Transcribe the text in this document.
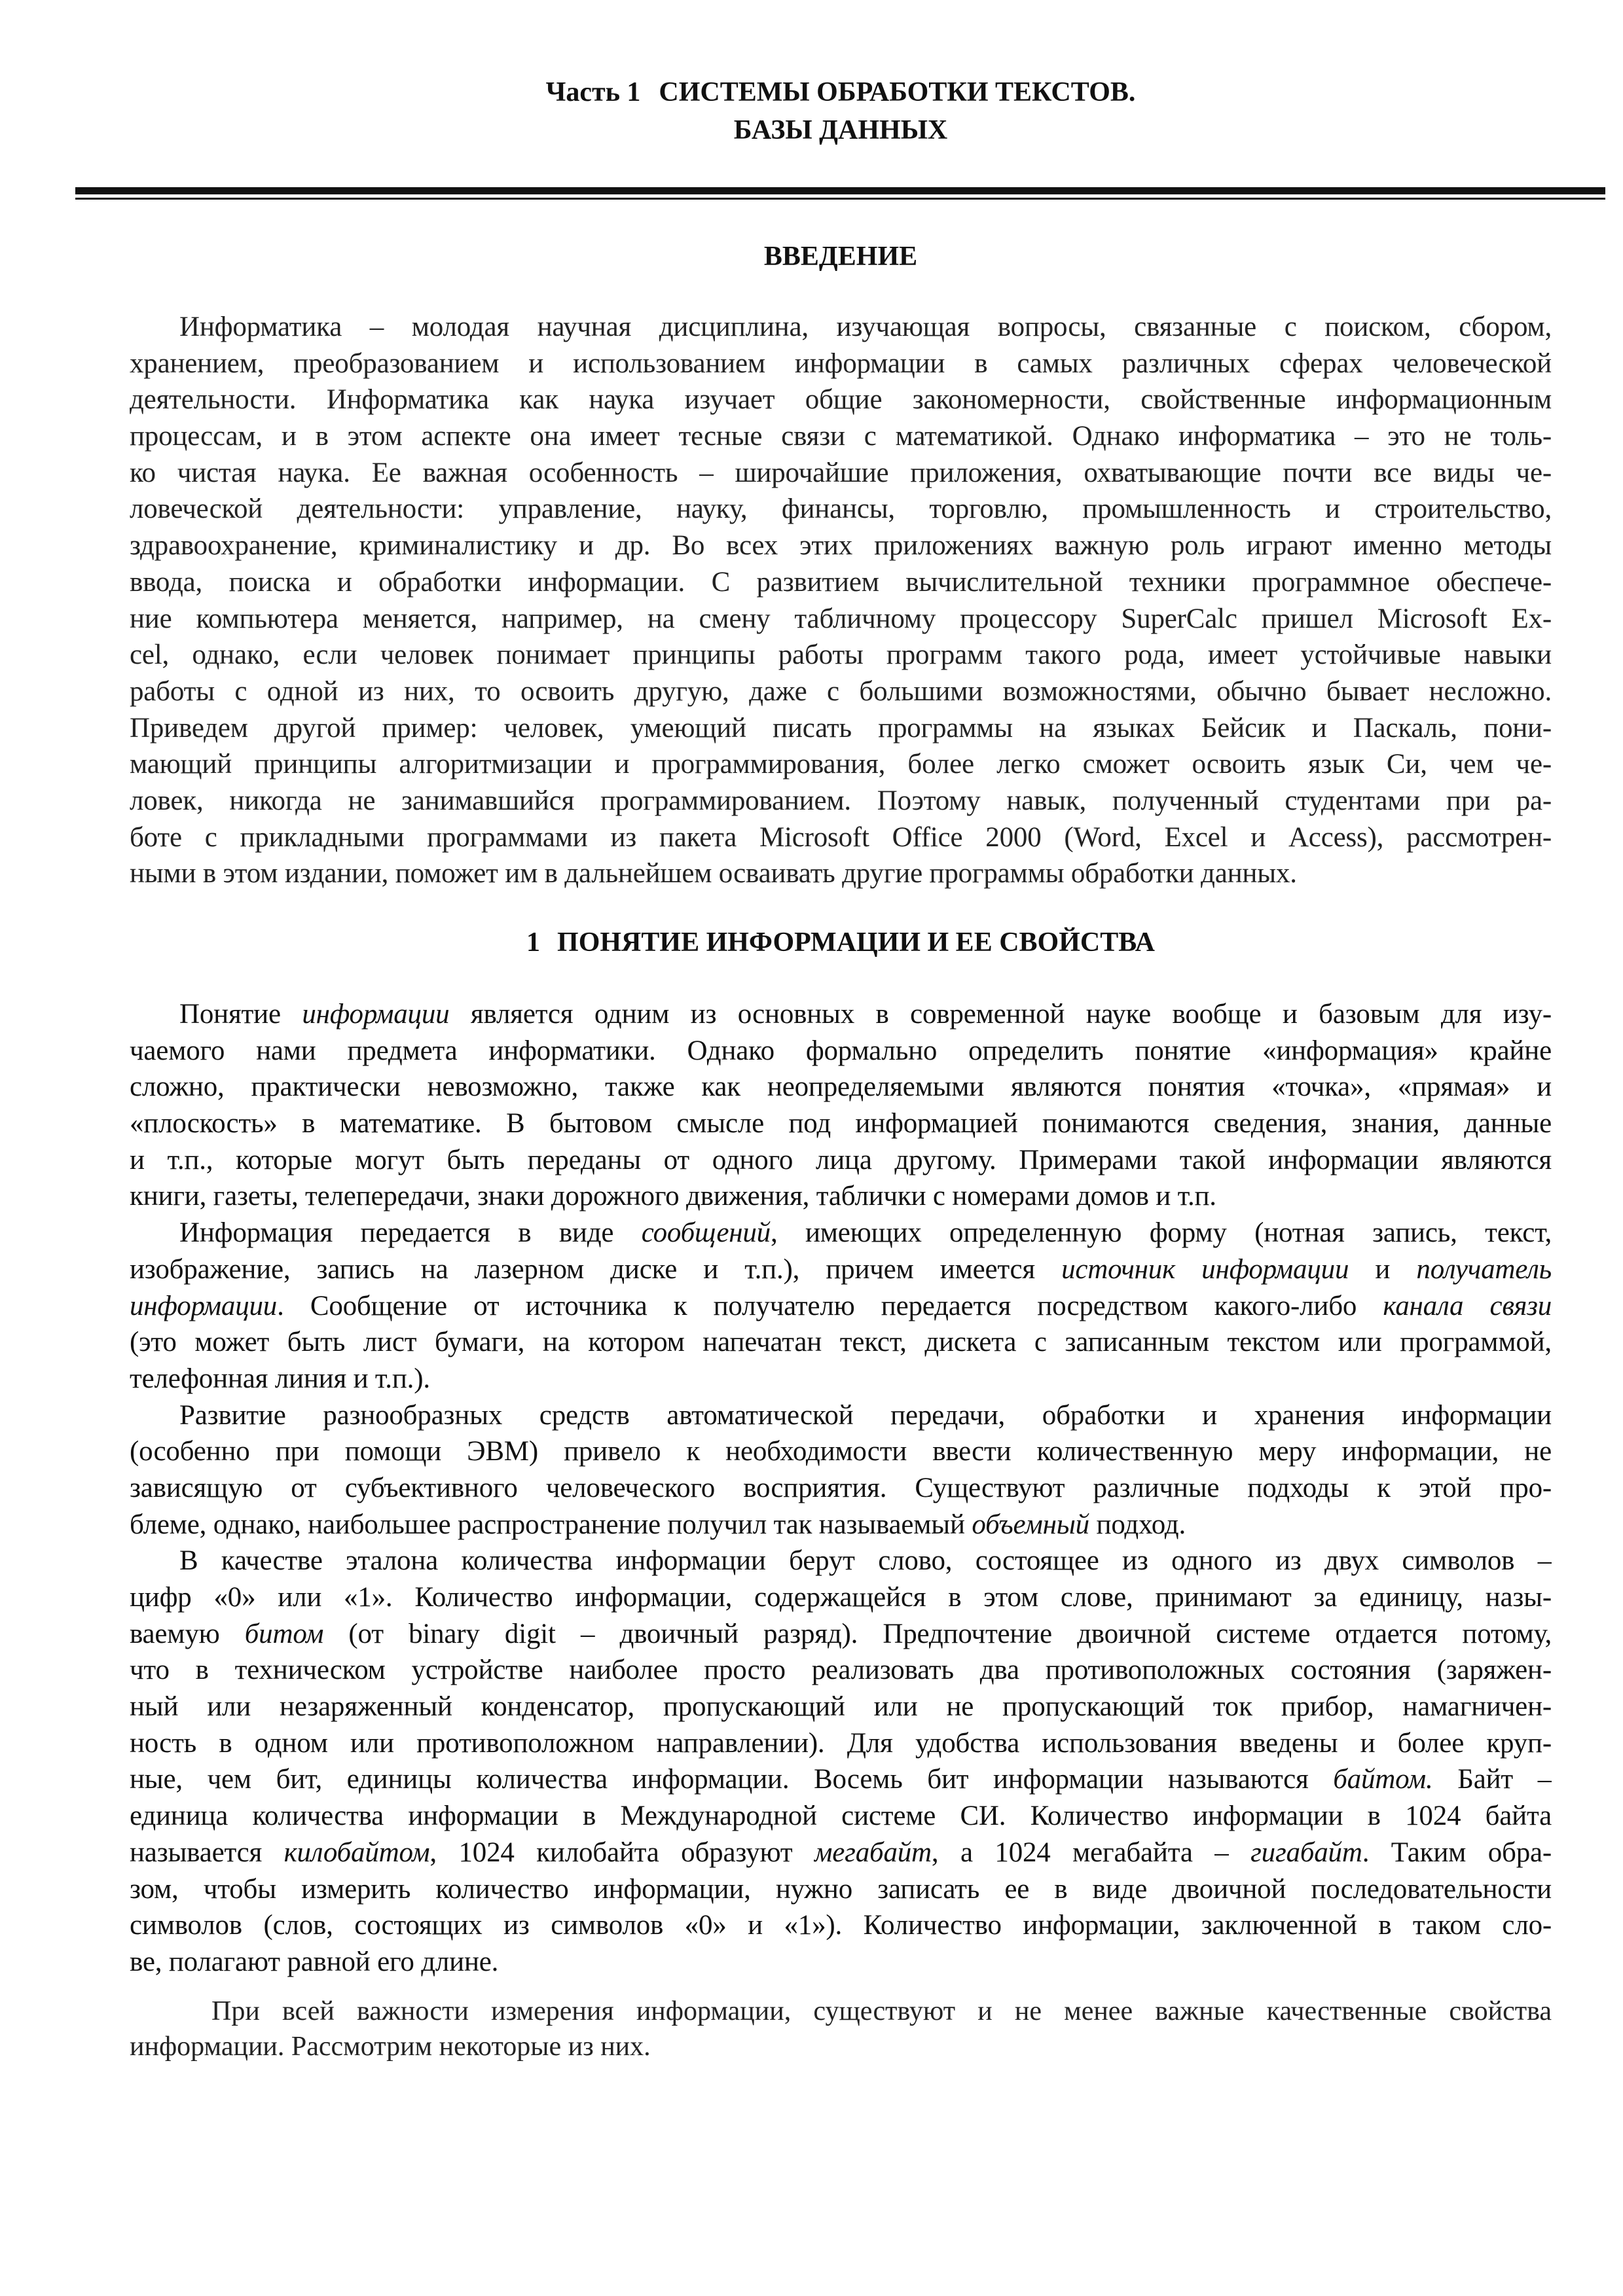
Часть 1 СИСТЕМЫ ОБРАБОТКИ ТЕКСТОВ.
БАЗЫ ДАННЫХ
ВВЕДЕНИЕ
Информатика – молодая научная дисциплина, изучающая вопросы, связанные с поиском, сбором,
хранением, преобразованием и использованием информации в самых различных сферах человеческой
деятельности. Информатика как наука изучает общие закономерности, свойственные информационным
процессам, и в этом аспекте она имеет тесные связи с математикой. Однако информатика – это не толь-
ко чистая наука. Ее важная особенность – широчайшие приложения, охватывающие почти все виды че-
ловеческой деятельности: управление, науку, финансы, торговлю, промышленность и строительство,
здравоохранение, криминалистику и др. Во всех этих приложениях важную роль играют именно методы
ввода, поиска и обработки информации. С развитием вычислительной техники программное обеспече-
ние компьютера меняется, например, на смену табличному процессору SuperCalc пришел Microsoft Ex-
cel, однако, если человек понимает принципы работы программ такого рода, имеет устойчивые навыки
работы с одной из них, то освоить другую, даже с большими возможностями, обычно бывает несложно.
Приведем другой пример: человек, умеющий писать программы на языках Бейсик и Паскаль, пони-
мающий принципы алгоритмизации и программирования, более легко сможет освоить язык Си, чем че-
ловек, никогда не занимавшийся программированием. Поэтому навык, полученный студентами при ра-
боте с прикладными программами из пакета Microsoft Office 2000 (Word, Excel и Access), рассмотрен-
ными в этом издании, поможет им в дальнейшем осваивать другие программы обработки данных.
1 ПОНЯТИЕ ИНФОРМАЦИИ И ЕЕ СВОЙСТВА
Понятие информации является одним из основных в современной науке вообще и базовым для изу-
чаемого нами предмета информатики. Однако формально определить понятие «информация» крайне
сложно, практически невозможно, также как неопределяемыми являются понятия «точка», «прямая» и
«плоскость» в математике. В бытовом смысле под информацией понимаются сведения, знания, данные
и т.п., которые могут быть переданы от одного лица другому. Примерами такой информации являются
книги, газеты, телепередачи, знаки дорожного движения, таблички с номерами домов и т.п.
Информация передается в виде сообщений, имеющих определенную форму (нотная запись, текст,
изображение, запись на лазерном диске и т.п.), причем имеется источник информации и получатель
информации. Сообщение от источника к получателю передается посредством какого-либо канала связи
(это может быть лист бумаги, на котором напечатан текст, дискета с записанным текстом или программой,
телефонная линия и т.п.).
Развитие разнообразных средств автоматической передачи, обработки и хранения информации
(особенно при помощи ЭВМ) привело к необходимости ввести количественную меру информации, не
зависящую от субъективного человеческого восприятия. Существуют различные подходы к этой про-
блеме, однако, наибольшее распространение получил так называемый объемный подход.
В качестве эталона количества информации берут слово, состоящее из одного из двух символов –
цифр «0» или «1». Количество информации, содержащейся в этом слове, принимают за единицу, назы-
ваемую битом (от binary digit – двоичный разряд). Предпочтение двоичной системе отдается потому,
что в техническом устройстве наиболее просто реализовать два противоположных состояния (заряжен-
ный или незаряженный конденсатор, пропускающий или не пропускающий ток прибор, намагничен-
ность в одном или противоположном направлении). Для удобства использования введены и более круп-
ные, чем бит, единицы количества информации. Восемь бит информации называются байтом. Байт –
единица количества информации в Международной системе СИ. Количество информации в 1024 байта
называется килобайтом, 1024 килобайта образуют мегабайт, а 1024 мегабайта – гигабайт. Таким обра-
зом, чтобы измерить количество информации, нужно записать ее в виде двоичной последовательности
символов (слов, состоящих из символов «0» и «1»). Количество информации, заключенной в таком сло-
ве, полагают равной его длине.
При всей важности измерения информации, существуют и не менее важные качественные свойства
информации. Рассмотрим некоторые из них.
